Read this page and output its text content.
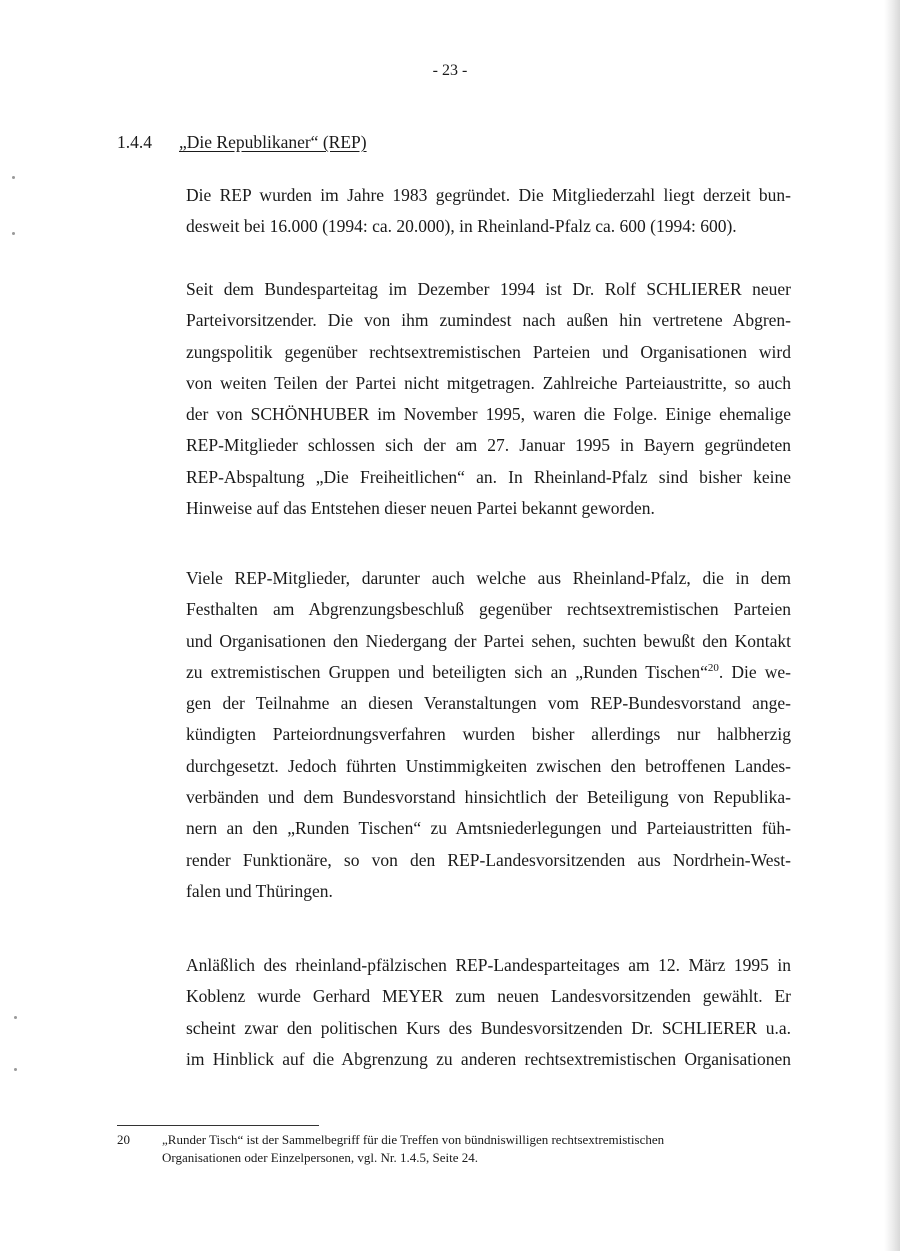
- 23 -
1.4.4 „Die Republikaner“ (REP)

Die REP wurden im Jahre 1983 gegründet. Die Mitgliederzahl liegt derzeit bun-
desweit bei 16.000 (1994: ca. 20.000), in Rheinland-Pfalz ca. 600 (1994: 600).

Seit dem Bundesparteitag im Dezember 1994 ist Dr. Rolf SCHLIERER neuer
Parteivorsitzender. Die von ihm zumindest nach außen hin vertretene Abgren-
zungspolitik gegenüber rechtsextremistischen Parteien und Organisationen wird
von weiten Teilen der Partei nicht mitgetragen. Zahlreiche Parteiaustritte, so auch
der von SCHÖNHUBER im November 1995, waren die Folge. Einige ehemalige
REP-Mitglieder schlossen sich der am 27. Januar 1995 in Bayern gegründeten
REP-Abspaltung „Die Freiheitlichen“ an. In Rheinland-Pfalz sind bisher keine
Hinweise auf das Entstehen dieser neuen Partei bekannt geworden.

Viele REP-Mitglieder, darunter auch welche aus Rheinland-Pfalz, die in dem
Festhalten am Abgrenzungsbeschluß gegenüber rechtsextremistischen Parteien
und Organisationen den Niedergang der Partei sehen, suchten bewußt den Kontakt
zu extremistischen Gruppen und beteiligten sich an „Runden Tischen“$^{20}$. Die we-
gen der Teilnahme an diesen Veranstaltungen vom REP-Bundesvorstand ange-
kündigten Parteiordnungsverfahren wurden bisher allerdings nur halbherzig
durchgesetzt. Jedoch führten Unstimmigkeiten zwischen den betroffenen Landes-
verbänden und dem Bundesvorstand hinsichtlich der Beteiligung von Republika-
nern an den „Runden Tischen“ zu Amtsniederlegungen und Parteiaustritten füh-
render Funktionäre, so von den REP-Landesvorsitzenden aus Nordrhein-West-
falen und Thüringen.

Anläßlich des rheinland-pfälzischen REP-Landesparteitages am 12. März 1995 in
Koblenz wurde Gerhard MEYER zum neuen Landesvorsitzenden gewählt. Er
scheint zwar den politischen Kurs des Bundesvorsitzenden Dr. SCHLIERER u.a.
im Hinblick auf die Abgrenzung zu anderen rechtsextremistischen Organisationen

20 „Runder Tisch“ ist der Sammelbegriff für die Treffen von bündniswilligen rechtsextremistischen
Organisationen oder Einzelpersonen, vgl. Nr. 1.4.5, Seite 24.
